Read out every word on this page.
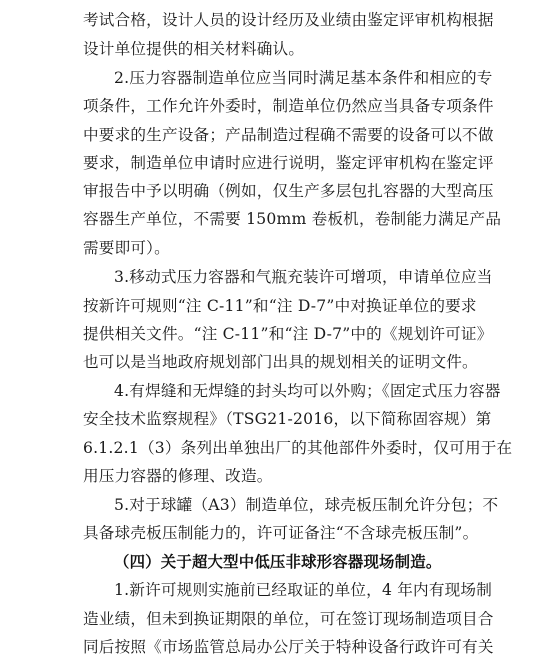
考试合格，设计人员的设计经历及业绩由鉴定评审机构根据
设计单位提供的相关材料确认。
2.压力容器制造单位应当同时满足基本条件和相应的专
项条件，工作允许外委时，制造单位仍然应当具备专项条件
中要求的生产设备；产品制造过程确不需要的设备可以不做
要求，制造单位申请时应进行说明，鉴定评审机构在鉴定评
审报告中予以明确（例如，仅生产多层包扎容器的大型高压
容器生产单位，不需要 150mm 卷板机，卷制能力满足产品
需要即可）。
3.移动式压力容器和气瓶充装许可增项，申请单位应当
按新许可规则“注 C-11”和“注 D-7”中对换证单位的要求
提供相关文件。“注 C-11”和“注 D-7”中的《规划许可证》
也可以是当地政府规划部门出具的规划相关的证明文件。
4.有焊缝和无焊缝的封头均可以外购；《固定式压力容器
安全技术监察规程》（TSG21-2016，以下简称固容规）第
6.1.2.1（3）条列出单独出厂的其他部件外委时，仅可用于在
用压力容器的修理、改造。
5.对于球罐（A3）制造单位，球壳板压制允许分包；不
具备球壳板压制能力的，许可证备注“不含球壳板压制”。
（四）关于超大型中低压非球形容器现场制造。
1.新许可规则实施前已经取证的单位，4 年内有现场制
造业绩，但未到换证期限的单位，可在签订现场制造项目合
同后按照《市场监管总局办公厅关于特种设备行政许可有关
